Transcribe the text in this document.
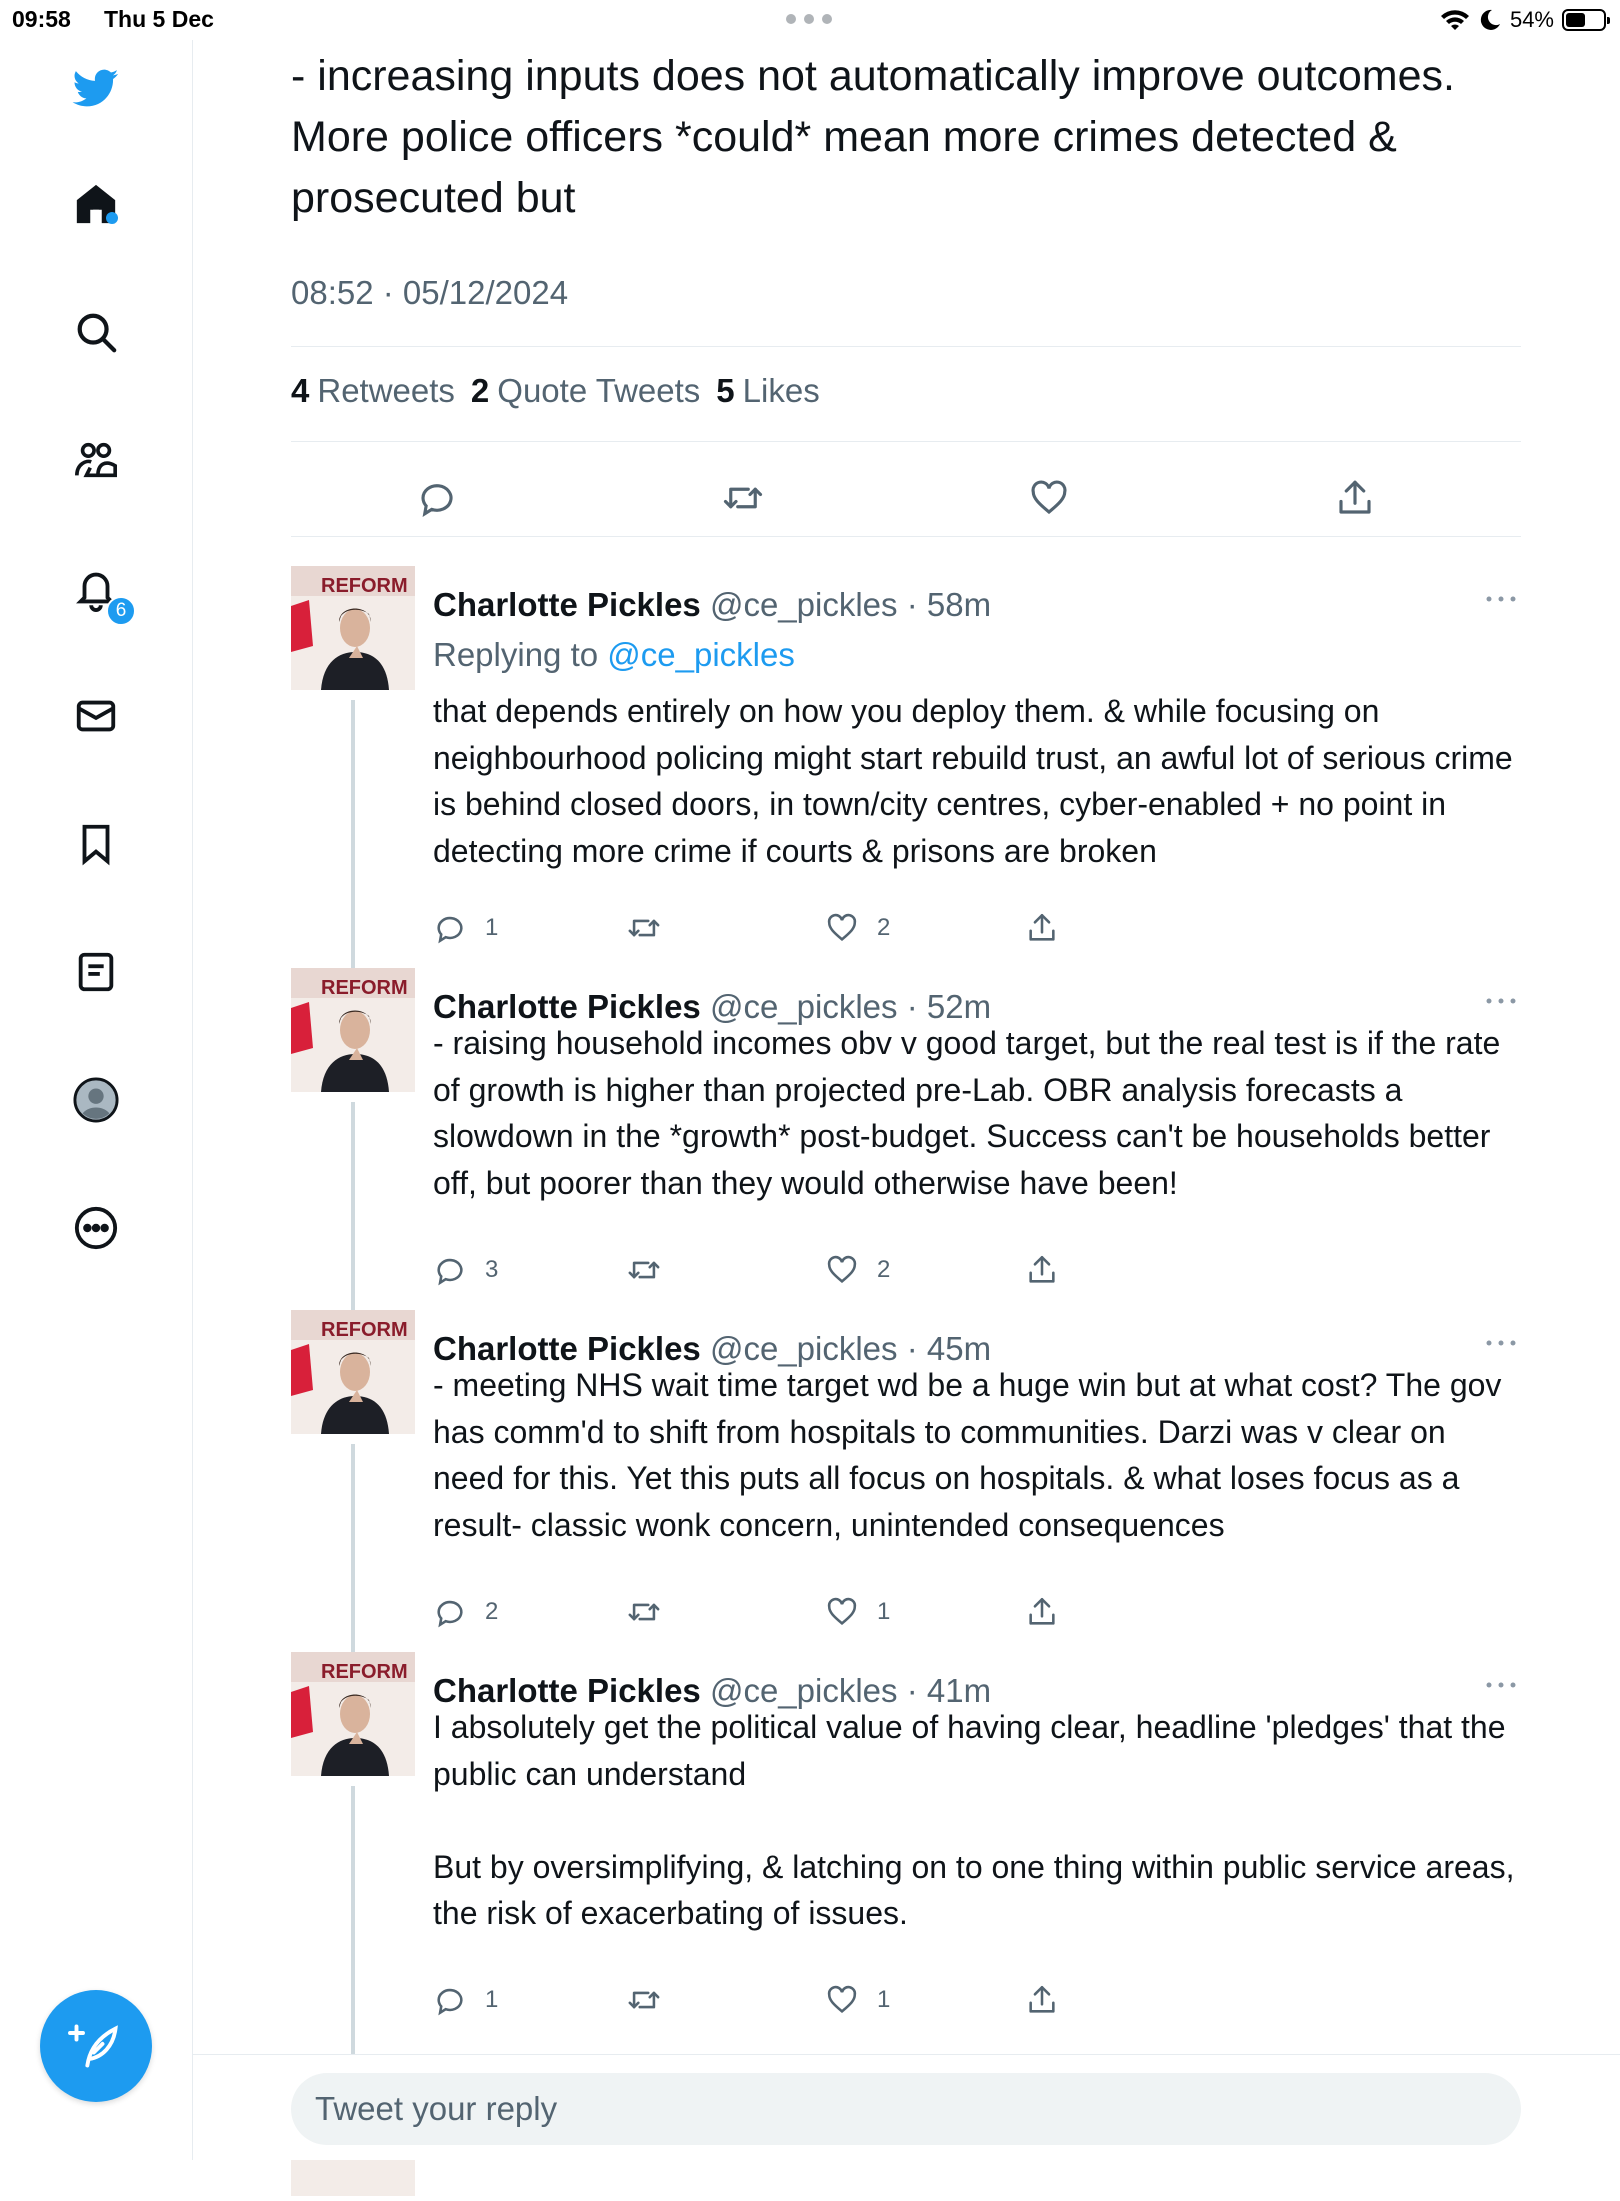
09:58 Thu 5 Dec	54%
6
- increasing inputs does not automatically improve outcomes. More police officers *could* mean more crimes detected & prosecuted but
08:52 · 05/12/2024
4 Retweets 2 Quote Tweets 5 Likes
REFORM Charlotte Pickles @ce_pickles · 58m
Replying to @ce_pickles
that depends entirely on how you deploy them. & while focusing on neighbourhood policing might start rebuild trust, an awful lot of serious crime is behind closed doors, in town/city centres, cyber-enabled + no point in detecting more crime if courts & prisons are broken
1	2
REFORM Charlotte Pickles @ce_pickles · 52m
- raising household incomes obv v good target, but the real test is if the rate of growth is higher than projected pre-Lab. OBR analysis forecasts a slowdown in the *growth* post-budget. Success can't be households better off, but poorer than they would otherwise have been!
3	2
REFORM Charlotte Pickles @ce_pickles · 45m
- meeting NHS wait time target wd be a huge win but at what cost? The gov has comm'd to shift from hospitals to communities. Darzi was v clear on need for this. Yet this puts all focus on hospitals. & what loses focus as a result- classic wonk concern, unintended consequences
2	1
REFORM Charlotte Pickles @ce_pickles · 41m
I absolutely get the political value of having clear, headline 'pledges' that the public can understand

But by oversimplifying, & latching on to one thing within public service areas, the risk of exacerbating of issues.
1	1
Tweet your reply
